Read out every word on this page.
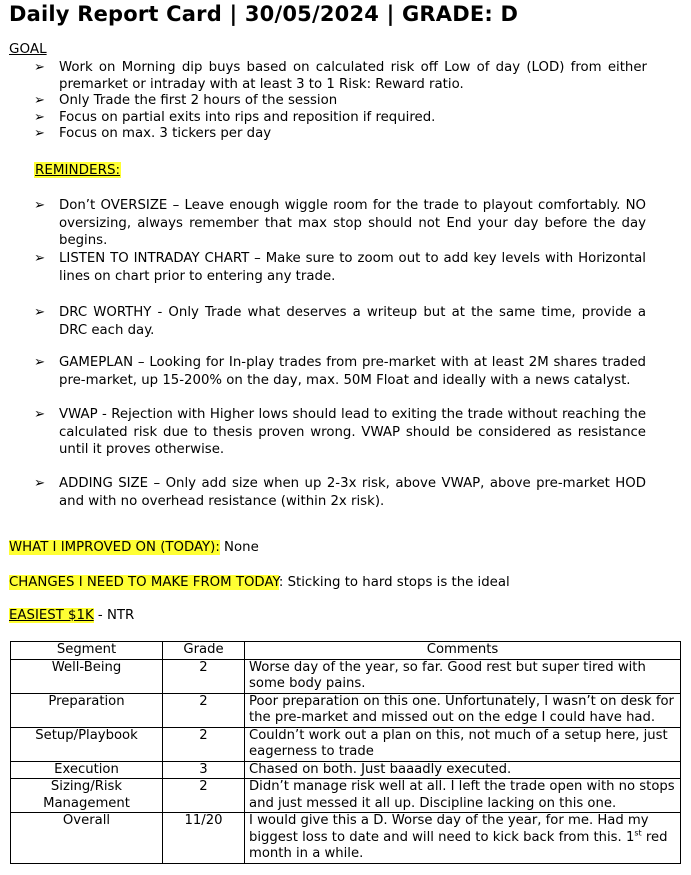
Daily Report Card | 30/05/2024 | GRADE: D
GOAL
➢ Work on Morning dip buys based on calculated risk off Low of day (LOD) from either premarket or intraday with at least 3 to 1 Risk: Reward ratio.
➢ Only Trade the first 2 hours of the session
➢ Focus on partial exits into rips and reposition if required.
➢ Focus on max. 3 tickers per day
REMINDERS:
➢ Don’t OVERSIZE – Leave enough wiggle room for the trade to playout comfortably. NO oversizing, always remember that max stop should not End your day before the day begins.
➢ LISTEN TO INTRADAY CHART – Make sure to zoom out to add key levels with Horizontal lines on chart prior to entering any trade.
➢ DRC WORTHY - Only Trade what deserves a writeup but at the same time, provide a DRC each day.
➢ GAMEPLAN – Looking for In-play trades from pre-market with at least 2M shares traded pre-market, up 15-200% on the day, max. 50M Float and ideally with a news catalyst.
➢ VWAP - Rejection with Higher lows should lead to exiting the trade without reaching the calculated risk due to thesis proven wrong. VWAP should be considered as resistance until it proves otherwise.
➢ ADDING SIZE – Only add size when up 2-3x risk, above VWAP, above pre-market HOD and with no overhead resistance (within 2x risk).
WHAT I IMPROVED ON (TODAY): None
CHANGES I NEED TO MAKE FROM TODAY: Sticking to hard stops is the ideal
EASIEST $1K - NTR
Segment	Grade	Comments
Well-Being	2	Worse day of the year, so far. Good rest but super tired with some body pains.
Preparation	2	Poor preparation on this one. Unfortunately, I wasn’t on desk for the pre-market and missed out on the edge I could have had.
Setup/Playbook	2	Couldn’t work out a plan on this, not much of a setup here, just eagerness to trade
Execution	3	Chased on both. Just baaadly executed.
Sizing/Risk Management	2	Didn’t manage risk well at all. I left the trade open with no stops and just messed it all up. Discipline lacking on this one.
Overall	11/20	I would give this a D. Worse day of the year, for me. Had my biggest loss to date and will need to kick back from this. 1st red month in a while.
